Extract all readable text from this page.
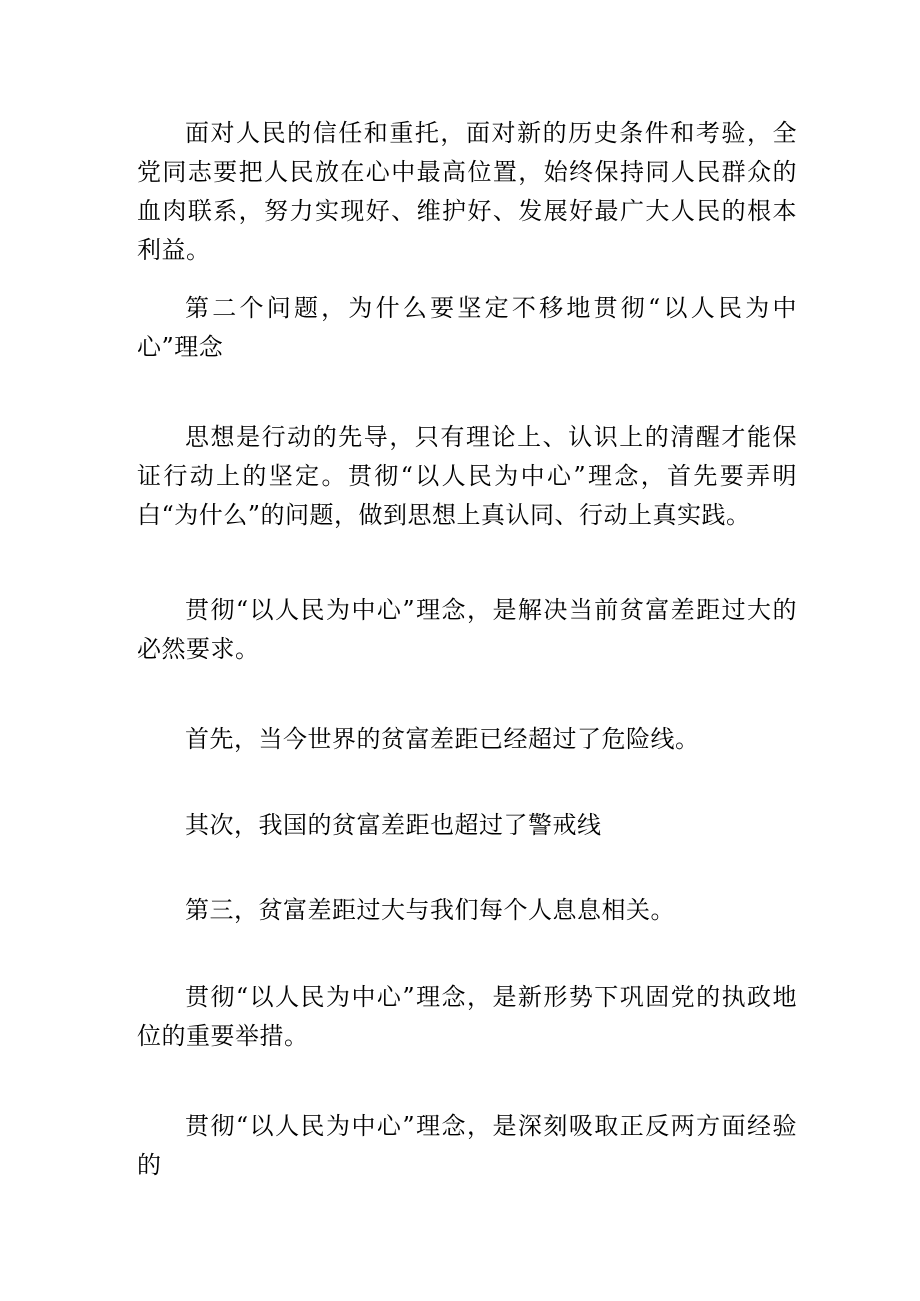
面对人民的信任和重托，面对新的历史条件和考验，全党同志要把人民放在心中最高位置，始终保持同人民群众的血肉联系，努力实现好、维护好、发展好最广大人民的根本利益。

第二个问题，为什么要坚定不移地贯彻“以人民为中心”理念

思想是行动的先导，只有理论上、认识上的清醒才能保证行动上的坚定。贯彻“以人民为中心”理念，首先要弄明白“为什么”的问题，做到思想上真认同、行动上真实践。

贯彻“以人民为中心”理念，是解决当前贫富差距过大的必然要求。

首先，当今世界的贫富差距已经超过了危险线。

其次，我国的贫富差距也超过了警戒线

第三，贫富差距过大与我们每个人息息相关。

贯彻“以人民为中心”理念，是新形势下巩固党的执政地位的重要举措。

贯彻“以人民为中心”理念，是深刻吸取正反两方面经验的
